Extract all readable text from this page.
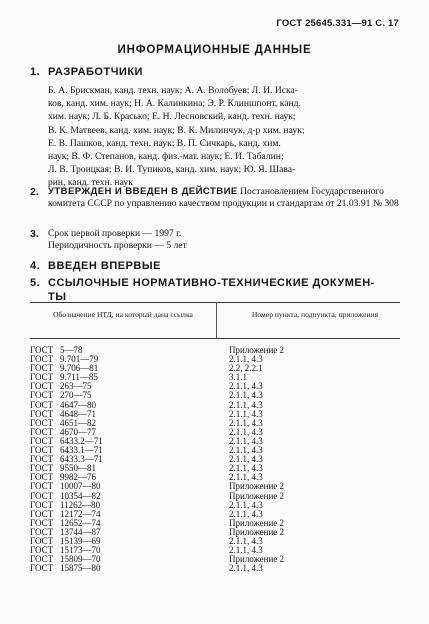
ГОСТ 25645.331—91 С. 17
ИНФОРМАЦИОННЫЕ ДАННЫЕ
1. РАЗРАБОТЧИКИ
Б. А. Брискман, канд. техн. наук; А. А. Волобуев; Л. И. Иска-
ков, канд. хим. наук; Н. А. Калинкина; Э. Р. Клиншпонт, канд.
хим. наук; Л. Б. Красько; Е. Н. Лесновский, канд. техн. наук;
В. К. Матвеев, канд. хим. наук; В. К. Милинчук, д-р хим. наук;
Е. В. Пашков, канд. техн. наук; В. П. Сичкарь, канд. хим.
наук; В. Ф. Степанов, канд. физ.-мат. наук; Е. И. Табалин;
Л. В. Троицкая; В. И. Тупиков, канд. хим. наук; Ю. Я. Шава-
рин, канд. техн. наук
2. УТВЕРЖДЕН И ВВЕДЕН В ДЕЙСТВИЕ Постановлением Государственного комитета СССР по управлению качеством продукции и стандартам от 21.03.91 № 308
3. Срок первой проверки — 1997 г.
Периодичность проверки — 5 лет
4. ВВЕДЕН ВПЕРВЫЕ
5. ССЫЛОЧНЫЕ НОРМАТИВНО-ТЕХНИЧЕСКИЕ ДОКУМЕН-
ТЫ
Обозначение НТД, на который дана ссылка	Номер пункта, подпункта, приложения
ГОСТ 5—78	Приложение 2
ГОСТ 9.701—79	2.1.1, 4.3
ГОСТ 9.706—81	2.2, 2.2.1
ГОСТ 9.711—85	3.1.1
ГОСТ 263—75	2.1.1, 4.3
ГОСТ 270—75	2.1.1, 4.3
ГОСТ 4647—80	2.1.1, 4.3
ГОСТ 4648—71	2.1.1, 4.3
ГОСТ 4651—82	2.1.1, 4.3
ГОСТ 4670—77	2.1.1, 4.3
ГОСТ 6433.2—71	2.1.1, 4.3
ГОСТ 6433.1—71	2.1.1, 4.3
ГОСТ 6433.3—71	2.1.1, 4.3
ГОСТ 9550—81	2.1.1, 4.3
ГОСТ 9982—76	2.1.1, 4.3
ГОСТ 10007—80	Приложение 2
ГОСТ 10354—82	Приложение 2
ГОСТ 11262—80	2.1.1, 4.3
ГОСТ 12172—74	2.1.1, 4.3
ГОСТ 12652—74	Приложение 2
ГОСТ 13744—87	Приложение 2
ГОСТ 15139—69	2.1.1, 4.3
ГОСТ 15173—70	2.1.1, 4.3
ГОСТ 15809—70	Приложение 2
ГОСТ 15875—80	2.1.1, 4.3
